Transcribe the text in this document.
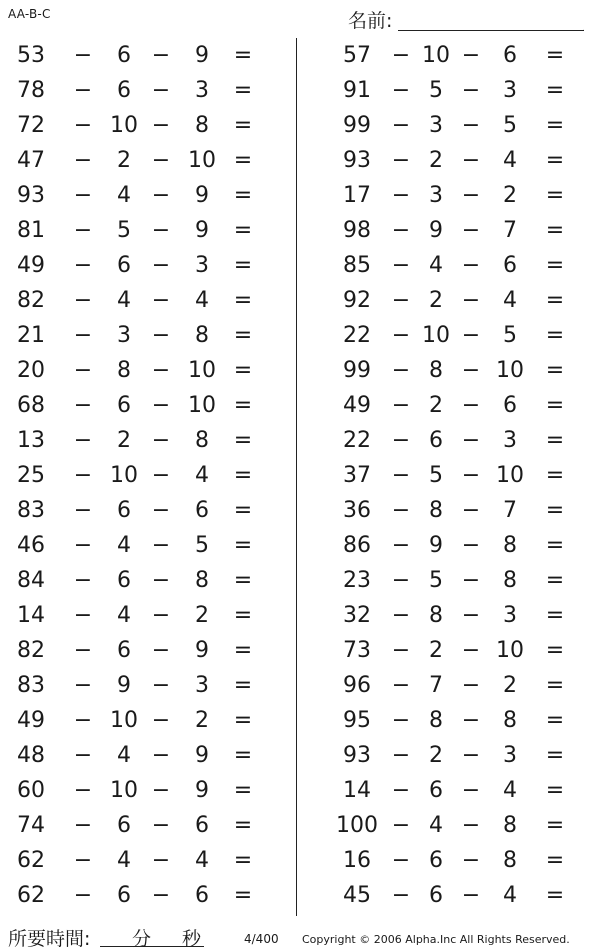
AA-B-C	名前:	.
53	−	6 −	9	=
78	−	6 −	3	=
72	− 10 −	8	=
47	−	2 − 10 =
93	−	4 −	9	=
81	−	5 −	9	=
49	−	6 −	3	=
82	−	4 −	4	=
21	−	3 −	8	=
20	−	8 − 10 =
68	−	6 − 10 =
13	−	2 −	8	=
25	− 10 −	4	=
83	−	6 −	6	=
46	−	4 −	5	=
84	−	6 −	8	=
14	−	4 −	2	=
82	−	6 −	9	=
83	−	9 −	3	=
49	− 10 −	2	=
48	−	4 −	9	=
60	− 10 −	9	=
74	−	6 −	6	=
62	−	4 −	4	=
62	−	6 −	6	=
57 − 10 −	6	=
91 − 5 −	3	=
99 − 3 −	5	=
93 − 2 −	4	=
17 − 3 −	2	=
98 − 9 −	7	=
85 − 4 −	6	=
92 − 2 −	4	=
22 − 10 −	5	=
99 − 8 − 10 =
49 − 2 −	6	=
22 − 6 −	3	=
37 − 5 − 10 =
36 − 8 −	7	=
86 − 9 −	8	=
23 − 5 −	8	=
32 − 8 −	3	=
73 − 2 − 10 =
96 − 7 −	2	=
95 − 8 −	8	=
93 − 2 −	3	=
14 − 6 −	4	=
100 − 4 −	8	=
16 − 6 −	8	=
45 − 6 −	4	=
所要時間: 分 秒	4/400 Copyright © 2006 Alpha.Inc All Rights Reserved.
